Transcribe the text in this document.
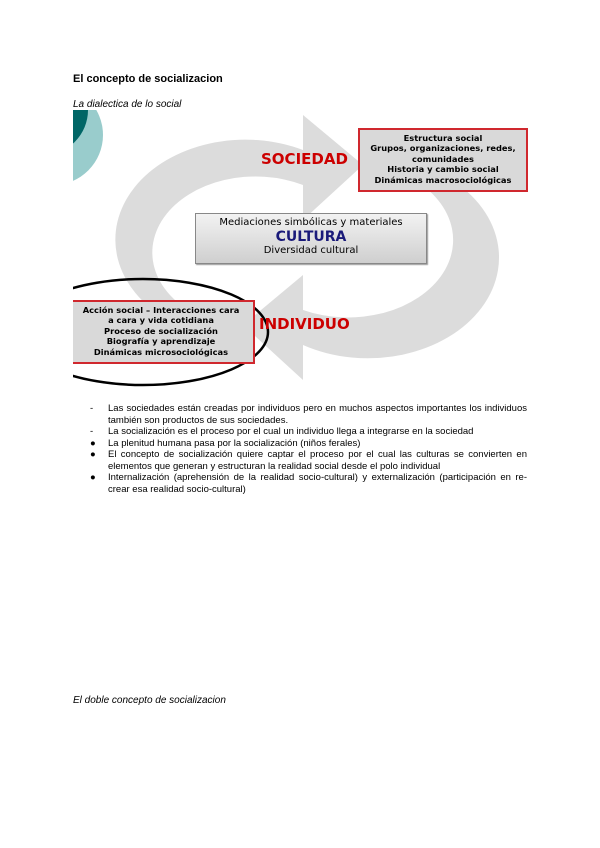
El concepto de socializacion
La dialectica de lo social
SOCIEDAD
Estructura social
Grupos, organizaciones, redes,
comunidades
Historia y cambio social
Dinámicas macrosociológicas
Mediaciones simbólicas y materiales
CULTURA
Diversidad cultural
Acción social – Interacciones cara
a cara y vida cotidiana
Proceso de socialización
Biografía y aprendizaje
Dinámicas microsociológicas
INDIVIDUO
-	Las sociedades están creadas por individuos pero en muchos aspectos importantes los individuos también son productos de sus sociedades.
-	La socialización es el proceso por el cual un individuo llega a integrarse en la sociedad
●	La plenitud humana pasa por la socialización (niños ferales)
●	El concepto de socialización quiere captar el proceso por el cual las culturas se convierten en elementos que generan y estructuran la realidad social desde el polo individual
●	Internalización (aprehensión de la realidad socio-cultural) y externalización (participación en re-crear esa realidad socio-cultural)
El doble concepto de socializacion
